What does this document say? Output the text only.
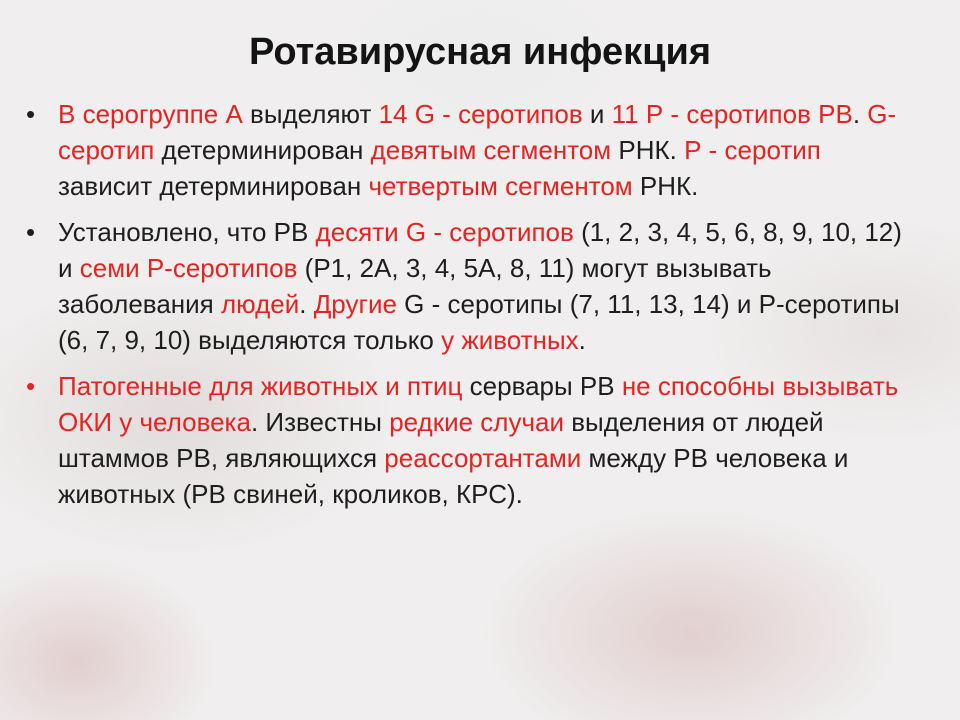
Ротавирусная инфекция
• В серогруппе А выделяют 14 G - серотипов и 11 Р - серотипов РВ. G-серотип детерминирован девятым сегментом РНК. Р - серотип зависит детерминирован четвертым сегментом РНК.
• Установлено, что РВ десяти G - серотипов (1, 2, 3, 4, 5, 6, 8, 9, 10, 12) и семи Р-серотипов (Р1, 2А, 3, 4, 5А, 8, 11) могут вызывать заболевания людей. Другие G - серотипы (7, 11, 13, 14) и Р-серотипы (6, 7, 9, 10) выделяются только у животных.
• Патогенные для животных и птиц сервары РВ не способны вызывать ОКИ у человека. Известны редкие случаи выделения от людей штаммов РВ, являющихся реассортантами между РВ человека и животных (РВ свиней, кроликов, КРС).
